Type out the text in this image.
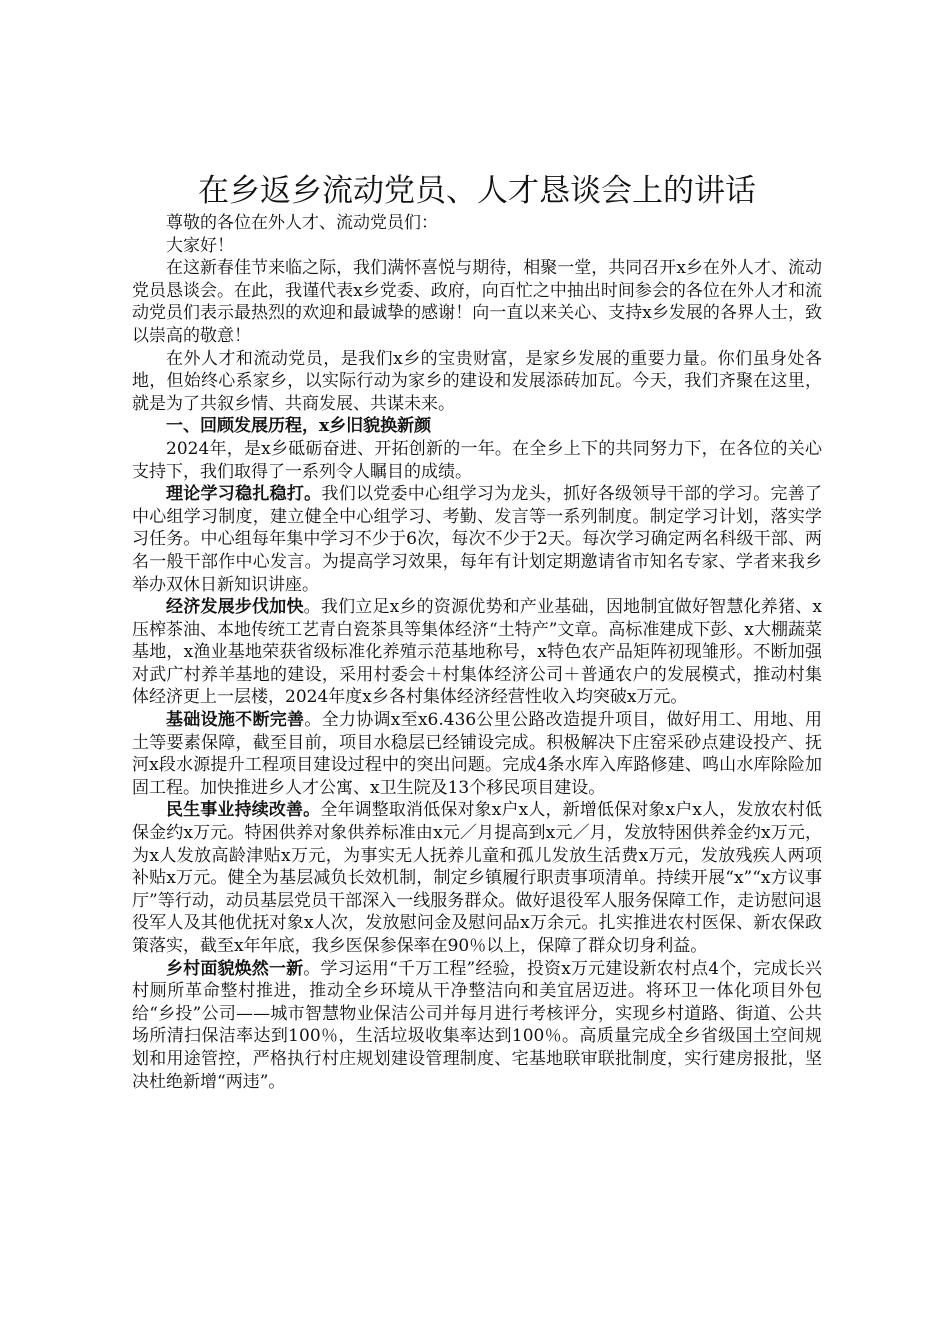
在乡返乡流动党员、人才恳谈会上的讲话

尊敬的各位在外人才、流动党员们：

大家好！

在这新春佳节来临之际，我们满怀喜悦与期待，相聚一堂，共同召开x乡在外人才、流动党员恳谈会。在此，我谨代表x乡党委、政府，向百忙之中抽出时间参会的各位在外人才和流动党员们表示最热烈的欢迎和最诚挚的感谢！向一直以来关心、支持x乡发展的各界人士，致以崇高的敬意！

在外人才和流动党员，是我们x乡的宝贵财富，是家乡发展的重要力量。你们虽身处各地，但始终心系家乡，以实际行动为家乡的建设和发展添砖加瓦。今天，我们齐聚在这里，就是为了共叙乡情、共商发展、共谋未来。

一、回顾发展历程，x乡旧貌换新颜

2024年，是x乡砥砺奋进、开拓创新的一年。在全乡上下的共同努力下，在各位的关心支持下，我们取得了一系列令人瞩目的成绩。

理论学习稳扎稳打。我们以党委中心组学习为龙头，抓好各级领导干部的学习。完善了中心组学习制度，建立健全中心组学习、考勤、发言等一系列制度。制定学习计划，落实学习任务。中心组每年集中学习不少于6次，每次不少于2天。每次学习确定两名科级干部、两名一般干部作中心发言。为提高学习效果，每年有计划定期邀请省市知名专家、学者来我乡举办双休日新知识讲座。

经济发展步伐加快。我们立足x乡的资源优势和产业基础，因地制宜做好智慧化养猪、x压榨茶油、本地传统工艺青白瓷茶具等集体经济“土特产”文章。高标准建成下彭、x大棚蔬菜基地，x渔业基地荣获省级标准化养殖示范基地称号，x特色农产品矩阵初现雏形。不断加强对武广村养羊基地的建设，采用村委会＋村集体经济公司＋普通农户的发展模式，推动村集体经济更上一层楼，2024年度x乡各村集体经济经营性收入均突破x万元。

基础设施不断完善。全力协调x至x6.436公里公路改造提升项目，做好用工、用地、用土等要素保障，截至目前，项目水稳层已经铺设完成。积极解决下庄窑采砂点建设投产、抚河x段水源提升工程项目建设过程中的突出问题。完成4条水库入库路修建、鸣山水库除险加固工程。加快推进乡人才公寓、x卫生院及13个移民项目建设。

民生事业持续改善。全年调整取消低保对象x户x人，新增低保对象x户x人，发放农村低保金约x万元。特困供养对象供养标准由x元／月提高到x元／月，发放特困供养金约x万元，为x人发放高龄津贴x万元，为事实无人抚养儿童和孤儿发放生活费x万元，发放残疾人两项补贴x万元。健全为基层减负长效机制，制定乡镇履行职责事项清单。持续开展“x”“x方议事厅”等行动，动员基层党员干部深入一线服务群众。做好退役军人服务保障工作，走访慰问退役军人及其他优抚对象x人次，发放慰问金及慰问品x万余元。扎实推进农村医保、新农保政策落实，截至x年年底，我乡医保参保率在90％以上，保障了群众切身利益。

乡村面貌焕然一新。学习运用“千万工程”经验，投资x万元建设新农村点4个，完成长兴村厕所革命整村推进，推动全乡环境从干净整洁向和美宜居迈进。将环卫一体化项目外包给“乡投”公司——城市智慧物业保洁公司并每月进行考核评分，实现乡村道路、街道、公共场所清扫保洁率达到100％，生活垃圾收集率达到100％。高质量完成全乡省级国土空间规划和用途管控，严格执行村庄规划建设管理制度、宅基地联审联批制度，实行建房报批，坚决杜绝新增“两违”。
